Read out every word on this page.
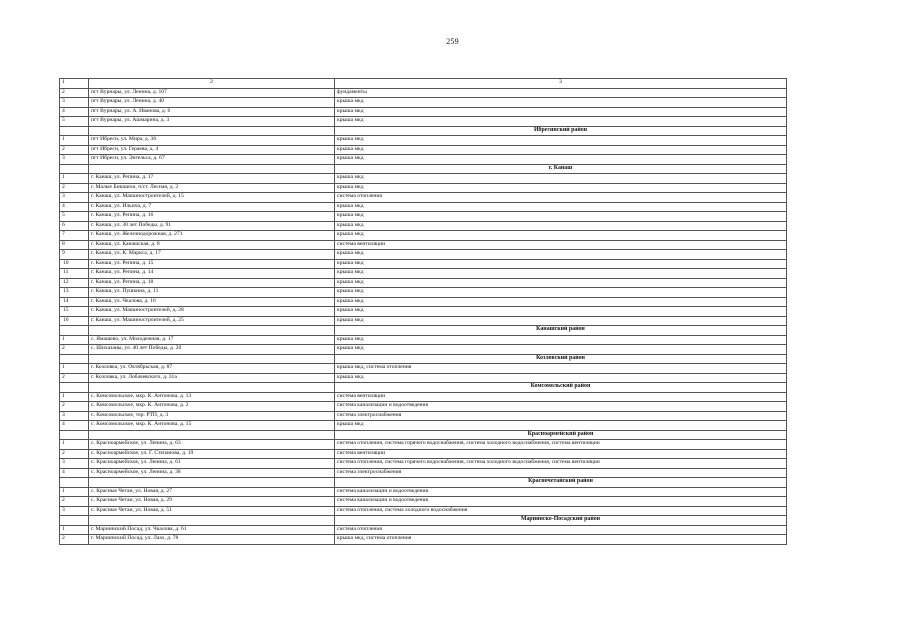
259
1	2	3
2	пгт Вурнары, ул. Ленина, д. 107	фундаменты
3	пгт Вурнары, ул. Ленина, д. 40	крыша мкд
4	пгт Вурнары, ул. А. Иванова, д. 6	крыша мкд
5	пгт Вурнары, ул. Ашмарина, д. 3	крыша мкд
		Ибресинский район
1	пгт Ибреси, ул. Мира, д. 36	крыша мкд
2	пгт Ибреси, ул. Гераева, д. 4	крыша мкд
3	пгт Ибреси, ул. Энгельса, д. 67	крыша мкд
		г. Канаш
1	г. Канаш, ул. Репина, д. 17	крыша мкд
2	г. Малые Бикшихи, п/ст. Лесная, д. 2	крыша мкд
3	г. Канаш, ул. Машиностроителей, д. 15	система отопления
4	г. Канаш, ул. Ильича, д. 7	крыша мкд
5	г. Канаш, ул. Репина, д. 16	крыша мкд
6	г. Канаш, ул. 30 лет Победы, д. 91	крыша мкд
7	г. Канаш, ул. Железнодорожная, д. 271	крыша мкд
8	г. Канаш, ул. Канашская, д. 8	система вентиляции
9	г. Канаш, ул. К. Маркса, д. 17	крыша мкд
10	г. Канаш, ул. Репина, д. 15	крыша мкд
11	г. Канаш, ул. Репина, д. 14	крыша мкд
12	г. Канаш, ул. Репина, д. 18	крыша мкд
13	г. Канаш, ул. Пушкина, д. 11	крыша мкд
14	г. Канаш, ул. Чкалова, д. 16	крыша мкд
15	г. Канаш, ул. Машиностроителей, д. 28	крыша мкд
16	г. Канаш, ул. Машиностроителей, д. 25	крыша мкд
		Канашский район
1	с. Ямашево, ул. Молодежная, д. 17	крыша мкд
2	с. Шихазаны, ул. 40 лет Победы, д. 20	крыша мкд
		Козловский район
1	г. Козловка, ул. Октябрьская, д. 87	крыша мкд, система отопления
2	г. Козловка, ул. Лобачевского, д. 31а	крыша мкд
		Комсомольский район
1	с. Комсомольское, мкр. К. Антонова, д. 13	система вентиляции
2	с. Комсомольское, мкр. К. Антонова, д. 2	система канализации и водоотведения
3	с. Комсомольское, тер. РТП, д. 3	система электроснабжения
4	с. Комсомольское, мкр. К. Антонова, д. 15	крыша мкд
		Красноармейский район
1	с. Красноармейское, ул. Ленина, д. 63	система отопления, система горячего водоснабжения, система холодного водоснабжения, система вентиляции
2	с. Красноармейское, ул. Г. Степанова, д. 19	система вентиляции
3	с. Красноармейское, ул. Ленина, д. 61	система отопления, система горячего водоснабжения, система холодного водоснабжения, система вентиляции
4	с. Красноармейское, ул. Ленина, д. 38	система электроснабжения
		Красночетайский район
1	с. Красные Четаи, ул. Новая, д. 27	система канализации и водоотведения
2	с. Красные Четаи, ул. Новая, д. 29	система канализации и водоотведения
3	с. Красные Четаи, ул. Новая, д. 51	система отопления, система холодного водоснабжения
		Мариинско-Посадский район
1	г. Мариинский Посад, ул. Чкалова, д. 61	система отопления
2	г. Мариинский Посад, ул. Лазо, д. 78	крыша мкд, система отопления
